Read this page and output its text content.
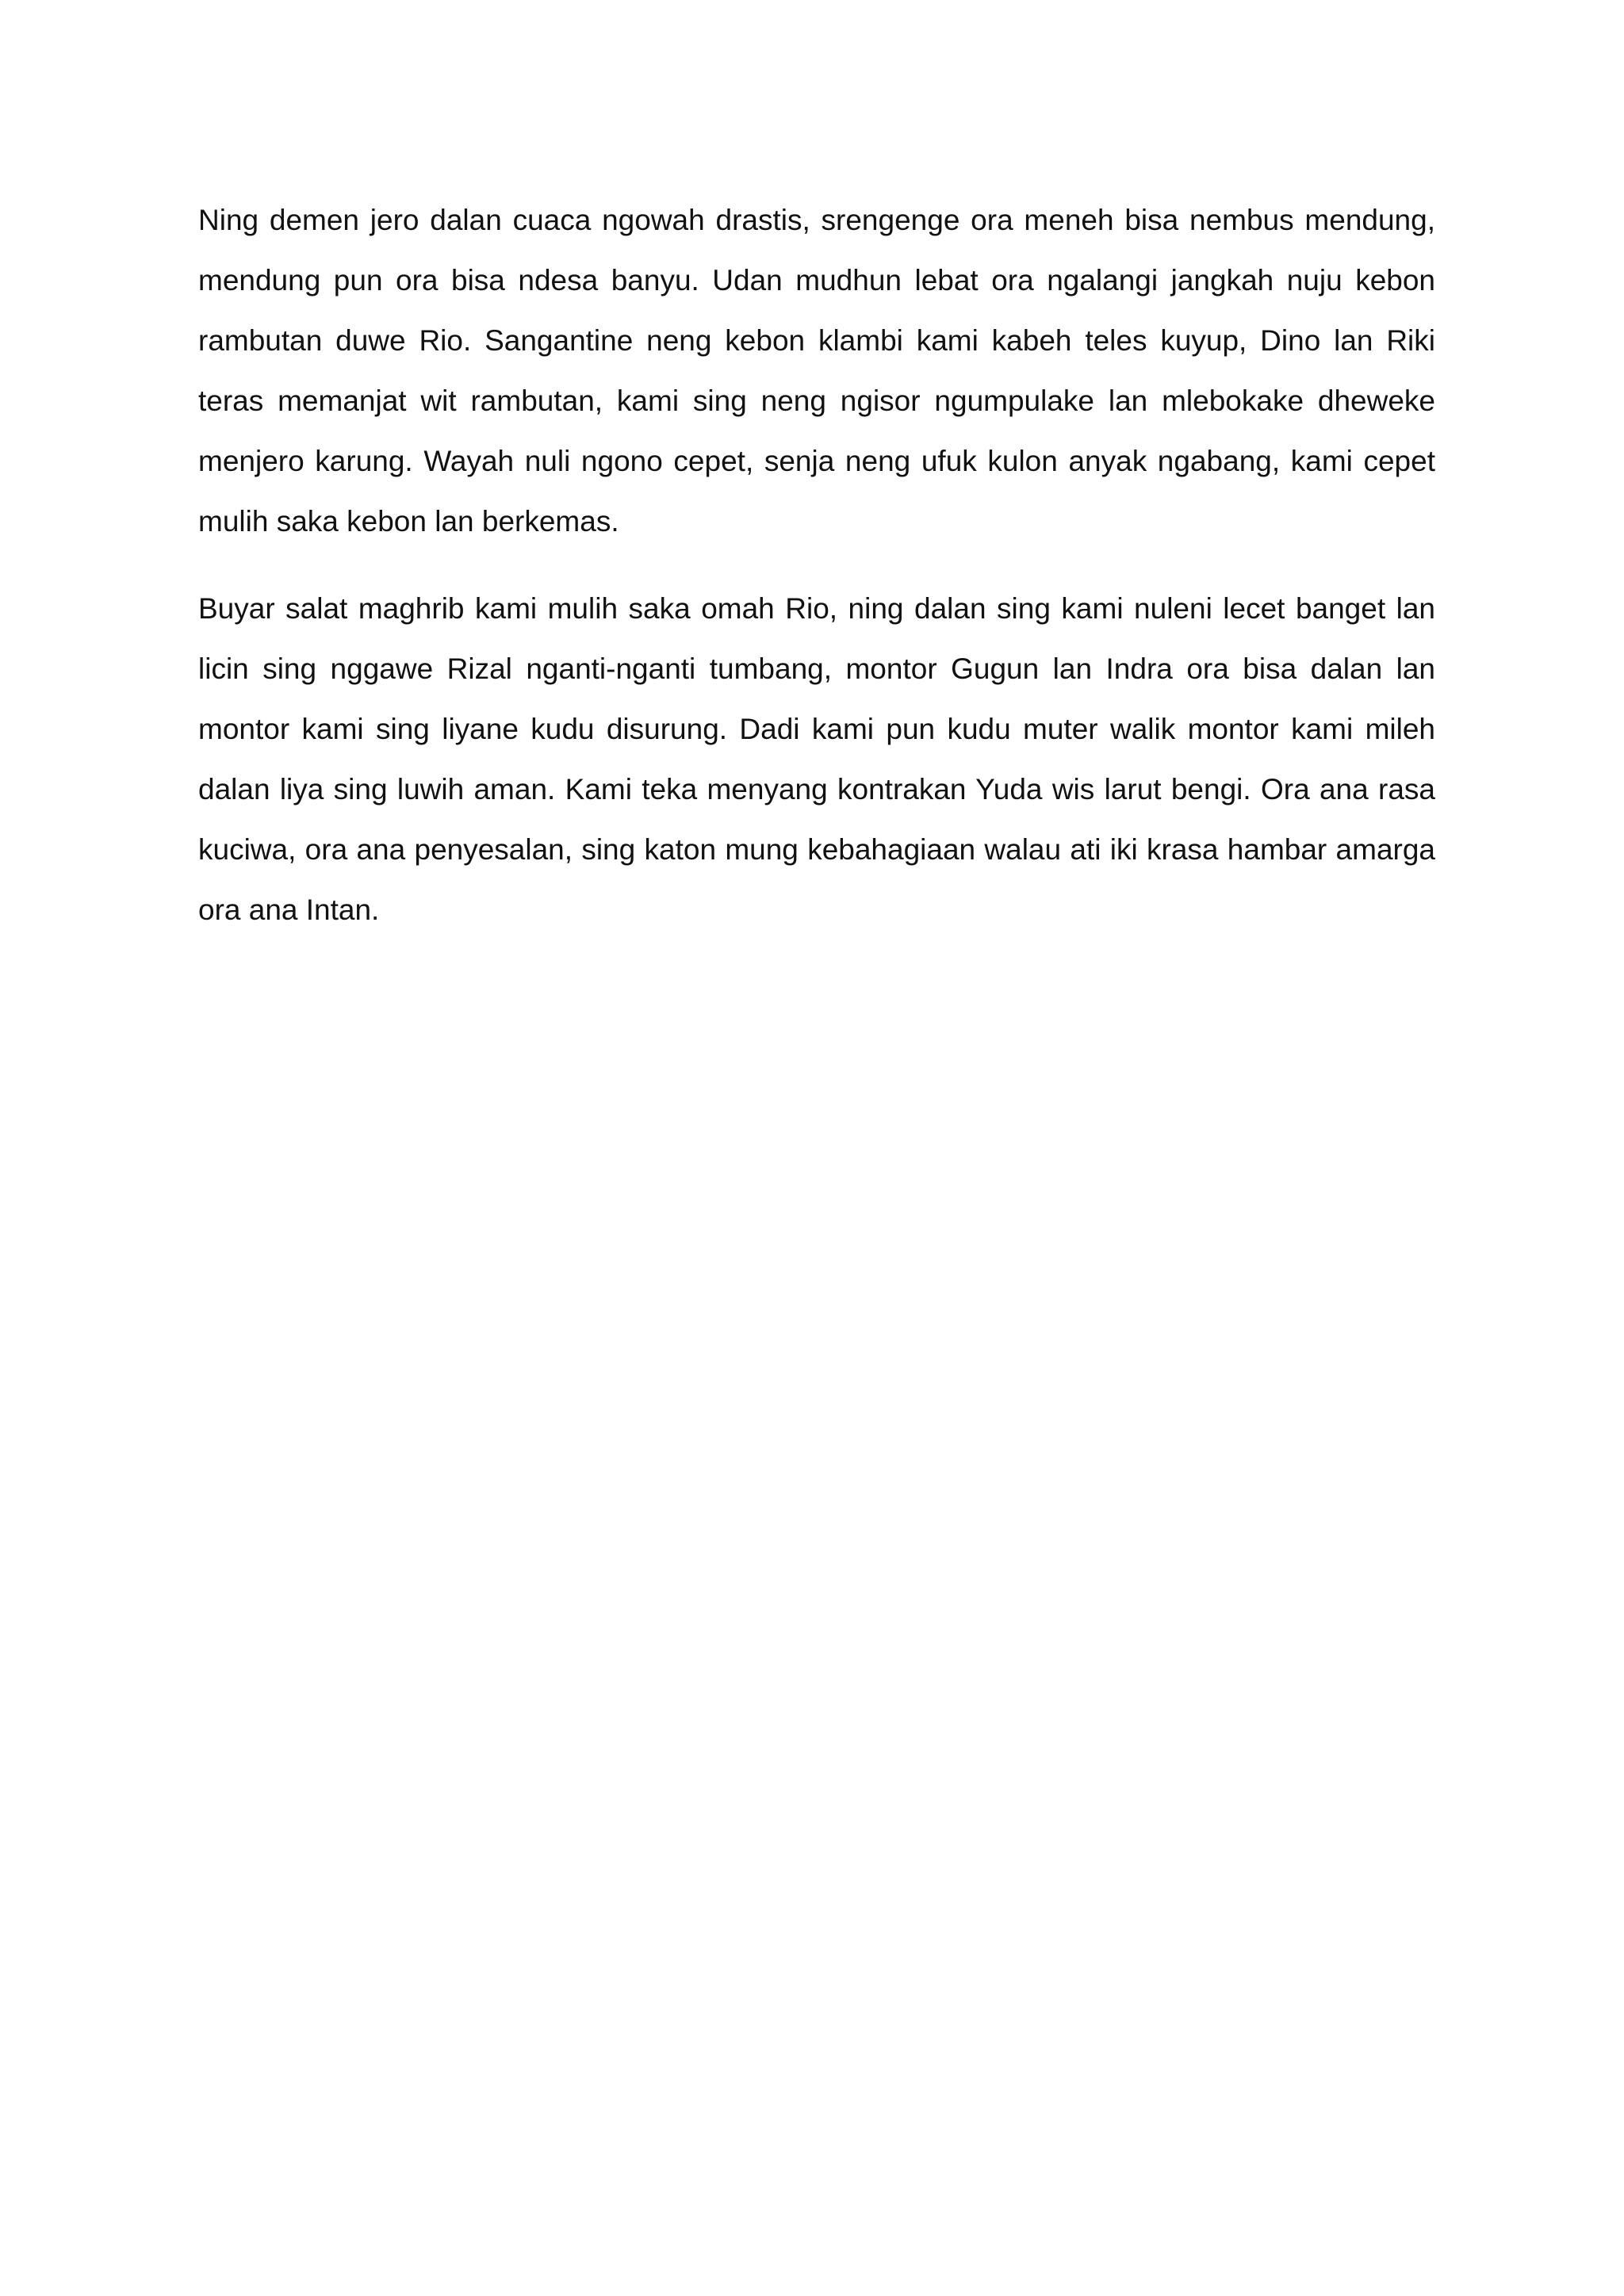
Ning demen jero dalan cuaca ngowah drastis, srengenge ora meneh bisa nembus mendung, mendung pun ora bisa ndesa banyu. Udan mudhun lebat ora ngalangi jangkah nuju kebon rambutan duwe Rio. Sangantine neng kebon klambi kami kabeh teles kuyup, Dino lan Riki teras memanjat wit rambutan, kami sing neng ngisor ngumpulake lan mlebokake dheweke menjero karung. Wayah nuli ngono cepet, senja neng ufuk kulon anyak ngabang, kami cepet mulih saka kebon lan berkemas.

Buyar salat maghrib kami mulih saka omah Rio, ning dalan sing kami nuleni lecet banget lan licin sing nggawe Rizal nganti-nganti tumbang, montor Gugun lan Indra ora bisa dalan lan montor kami sing liyane kudu disurung. Dadi kami pun kudu muter walik montor kami mileh dalan liya sing luwih aman. Kami teka menyang kontrakan Yuda wis larut bengi. Ora ana rasa kuciwa, ora ana penyesalan, sing katon mung kebahagiaan walau ati iki krasa hambar amarga ora ana Intan.
